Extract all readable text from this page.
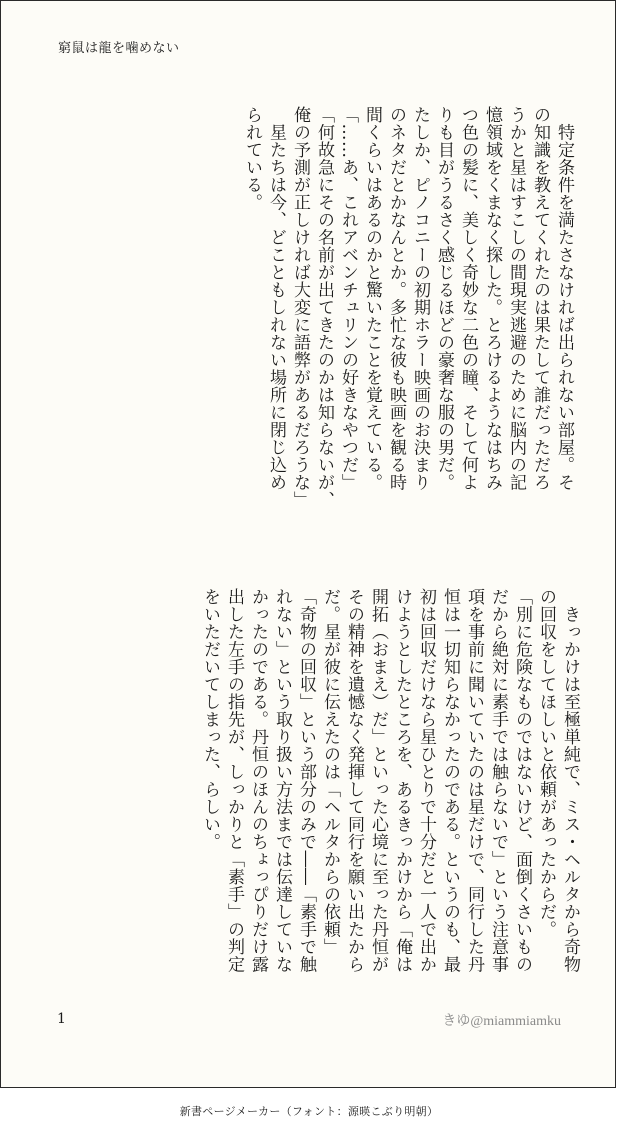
窮鼠は龍を噛めない
　特定条件を満たさなければ出られない部屋。そ
の知識を教えてくれたのは果たして誰だっただろ
うかと星はすこしの間現実逃避のために脳内の記
憶領域をくまなく探した。とろけるようなはちみ
つ色の髪に、美しく奇妙な二色の瞳、そして何よ
りも目がうるさく感じるほどの豪奢な服の男だ。
たしか、ピノコニーの初期ホラー映画のお決まり
のネタだとかなんとか。多忙な彼も映画を観る時
間くらいはあるのかと驚いたことを覚えている。
「……あ、これアベンチュリンの好きなやつだ」
「何故急にその名前が出てきたのかは知らないが、
俺の予測が正しければ大変に語弊があるだろうな」
　星たちは今、どこともしれない場所に閉じ込め
られている。
　きっかけは至極単純で、ミス・ヘルタから奇物
の回収をしてほしいと依頼があったからだ。
「別に危険なものではないけど、面倒くさいもの
だから絶対に素手では触らないで」という注意事
項を事前に聞いていたのは星だけで、同行した丹
恒は一切知らなかったのである。というのも、最
初は回収だけなら星ひとりで十分だと一人で出か
けようとしたところを、あるきっかけから「俺は
開拓（おまえ）だ」といった心境に至った丹恒が
その精神を遺憾なく発揮して同行を願い出たから
だ。星が彼に伝えたのは「ヘルタからの依頼」
「奇物の回収」という部分のみで――「素手で触
れない」という取り扱い方法までは伝達していな
かったのである。丹恒のほんのちょっぴりだけ露
出した左手の指先が、しっかりと「素手」の判定
をいただいてしまった、らしい。
1	きゆ@miammiamku
新書ページメーカー（フォント：源暎こぶり明朝）
